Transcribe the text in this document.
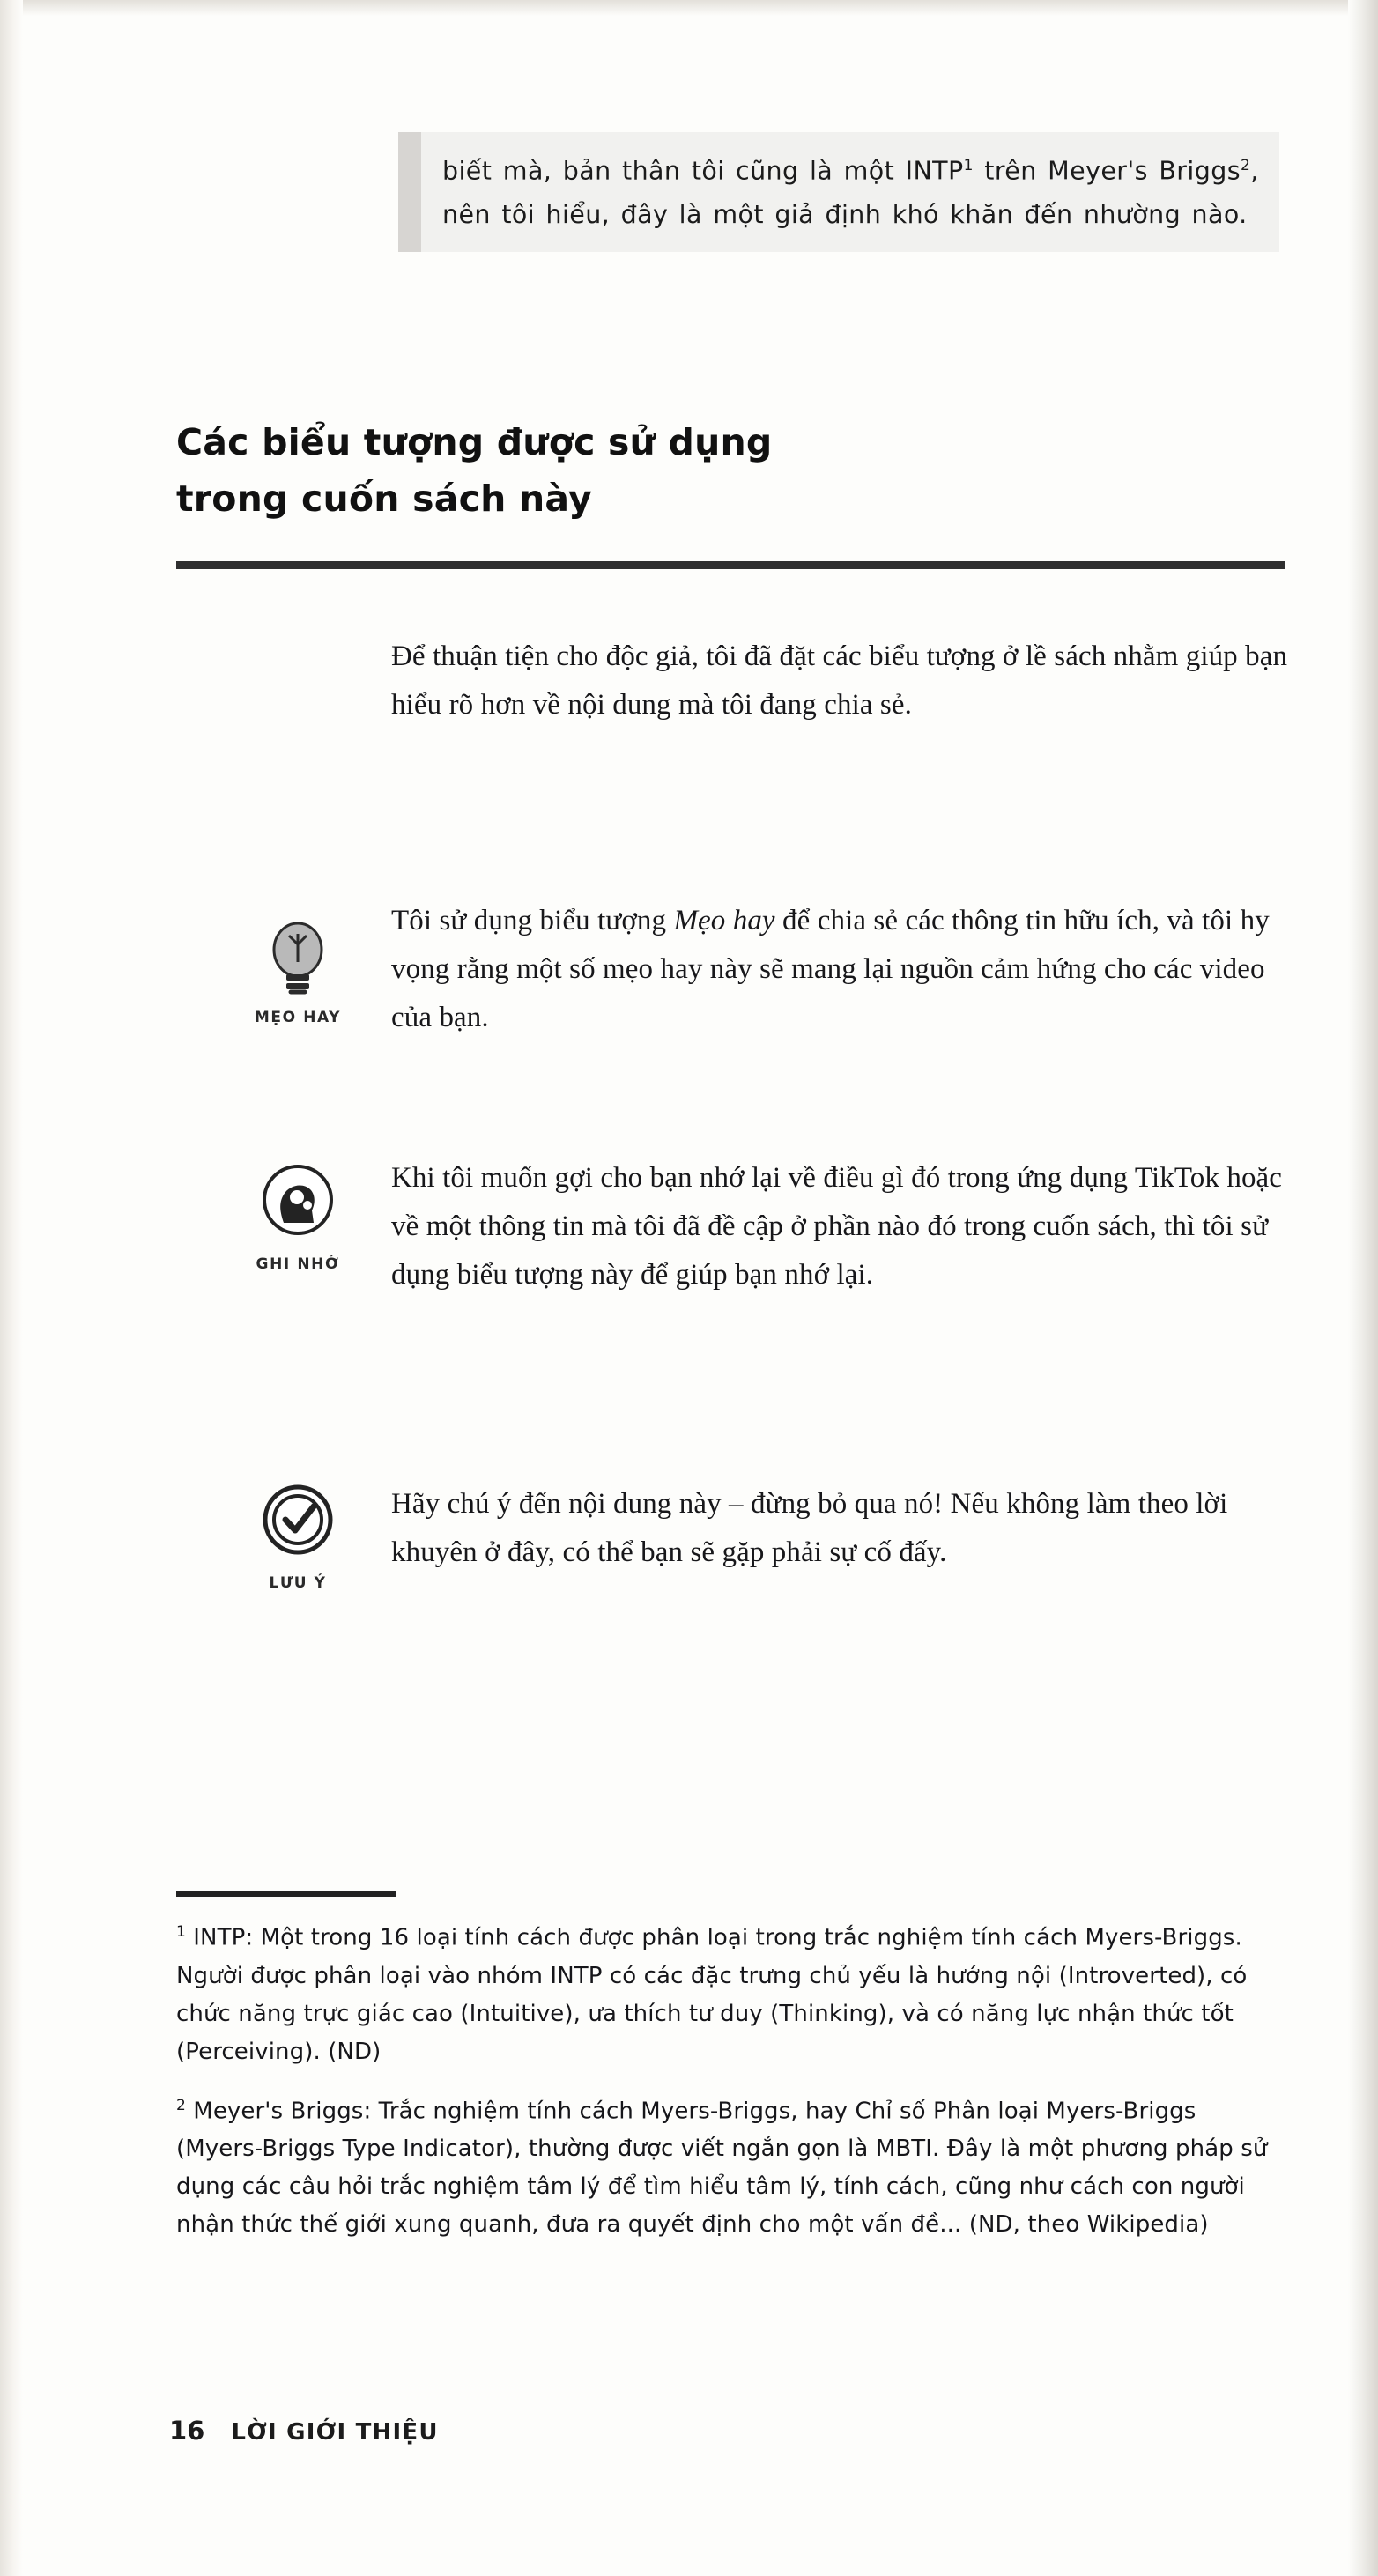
biết mà, bản thân tôi cũng là một INTP$^1$ trên Meyer's Briggs$^2$, nên tôi hiểu, đây là một giả định khó khăn đến nhường nào.

Các biểu tượng được sử dụng
trong cuốn sách này
Để thuận tiện cho độc giả, tôi đã đặt các biểu tượng ở lề sách nhằm giúp bạn hiểu rõ hơn về nội dung mà tôi đang chia sẻ.
MẸO HAY
Tôi sử dụng biểu tượng Mẹo hay để chia sẻ các thông tin hữu ích, và tôi hy vọng rằng một số mẹo hay này sẽ mang lại nguồn cảm hứng cho các video của bạn.
GHI NHỚ
Khi tôi muốn gợi cho bạn nhớ lại về điều gì đó trong ứng dụng TikTok hoặc về một thông tin mà tôi đã đề cập ở phần nào đó trong cuốn sách, thì tôi sử dụng biểu tượng này để giúp bạn nhớ lại.
LƯU Ý
Hãy chú ý đến nội dung này – đừng bỏ qua nó! Nếu không làm theo lời khuyên ở đây, có thể bạn sẽ gặp phải sự cố đấy.

$^1$ INTP: Một trong 16 loại tính cách được phân loại trong trắc nghiệm tính cách Myers-Briggs. Người được phân loại vào nhóm INTP có các đặc trưng chủ yếu là hướng nội (Introverted), có chức năng trực giác cao (Intuitive), ưa thích tư duy (Thinking), và có năng lực nhận thức tốt (Perceiving). (ND)

$^2$ Meyer's Briggs: Trắc nghiệm tính cách Myers-Briggs, hay Chỉ số Phân loại Myers-Briggs (Myers-Briggs Type Indicator), thường được viết ngắn gọn là MBTI. Đây là một phương pháp sử dụng các câu hỏi trắc nghiệm tâm lý để tìm hiểu tâm lý, tính cách, cũng như cách con người nhận thức thế giới xung quanh, đưa ra quyết định cho một vấn đề... (ND, theo Wikipedia)

16 LỜI GIỚI THIỆU
